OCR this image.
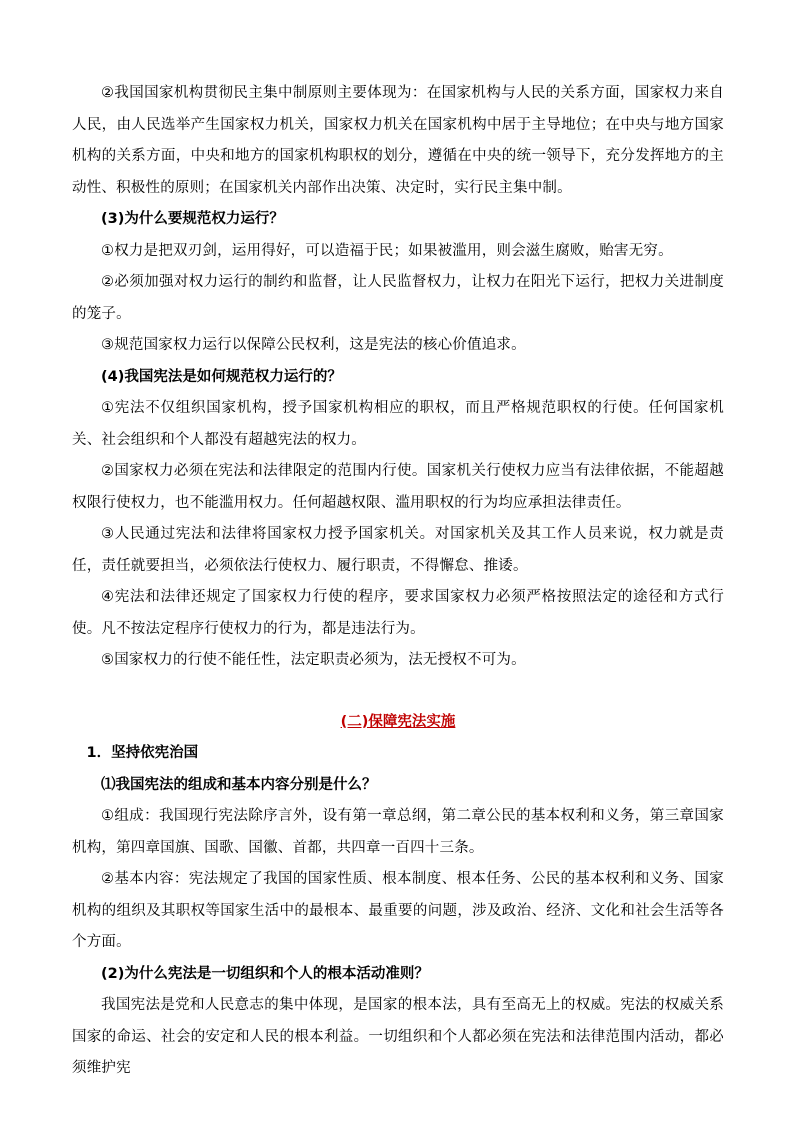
②我国国家机构贯彻民主集中制原则主要体现为：在国家机构与人民的关系方面，国家权力来自人民，由人民选举产生国家权力机关，国家权力机关在国家机构中居于主导地位；在中央与地方国家机构的关系方面，中央和地方的国家机构职权的划分，遵循在中央的统一领导下，充分发挥地方的主动性、积极性的原则；在国家机关内部作出决策、决定时，实行民主集中制。

(3)为什么要规范权力运行？

①权力是把双刃剑，运用得好，可以造福于民；如果被滥用，则会滋生腐败，贻害无穷。

②必须加强对权力运行的制约和监督，让人民监督权力，让权力在阳光下运行，把权力关进制度的笼子。

③规范国家权力运行以保障公民权利，这是宪法的核心价值追求。

(4)我国宪法是如何规范权力运行的？

①宪法不仅组织国家机构，授予国家机构相应的职权，而且严格规范职权的行使。任何国家机关、社会组织和个人都没有超越宪法的权力。

②国家权力必须在宪法和法律限定的范围内行使。国家机关行使权力应当有法律依据，不能超越权限行使权力，也不能滥用权力。任何超越权限、滥用职权的行为均应承担法律责任。

③人民通过宪法和法律将国家权力授予国家机关。对国家机关及其工作人员来说，权力就是责任，责任就要担当，必须依法行使权力、履行职责，不得懈怠、推诿。

④宪法和法律还规定了国家权力行使的程序，要求国家权力必须严格按照法定的途径和方式行使。凡不按法定程序行使权力的行为，都是违法行为。

⑤国家权力的行使不能任性，法定职责必须为，法无授权不可为。

(二)保障宪法实施

1．坚持依宪治国

⑴我国宪法的组成和基本内容分别是什么？

①组成：我国现行宪法除序言外，设有第一章总纲，第二章公民的基本权利和义务，第三章国家机构，第四章国旗、国歌、国徽、首都，共四章一百四十三条。

②基本内容：宪法规定了我国的国家性质、根本制度、根本任务、公民的基本权利和义务、国家机构的组织及其职权等国家生活中的最根本、最重要的问题，涉及政治、经济、文化和社会生活等各个方面。

(2)为什么宪法是一切组织和个人的根本活动准则？

我国宪法是党和人民意志的集中体现，是国家的根本法，具有至高无上的权威。宪法的权威关系国家的命运、社会的安定和人民的根本利益。一切组织和个人都必须在宪法和法律范围内活动，都必须维护宪
